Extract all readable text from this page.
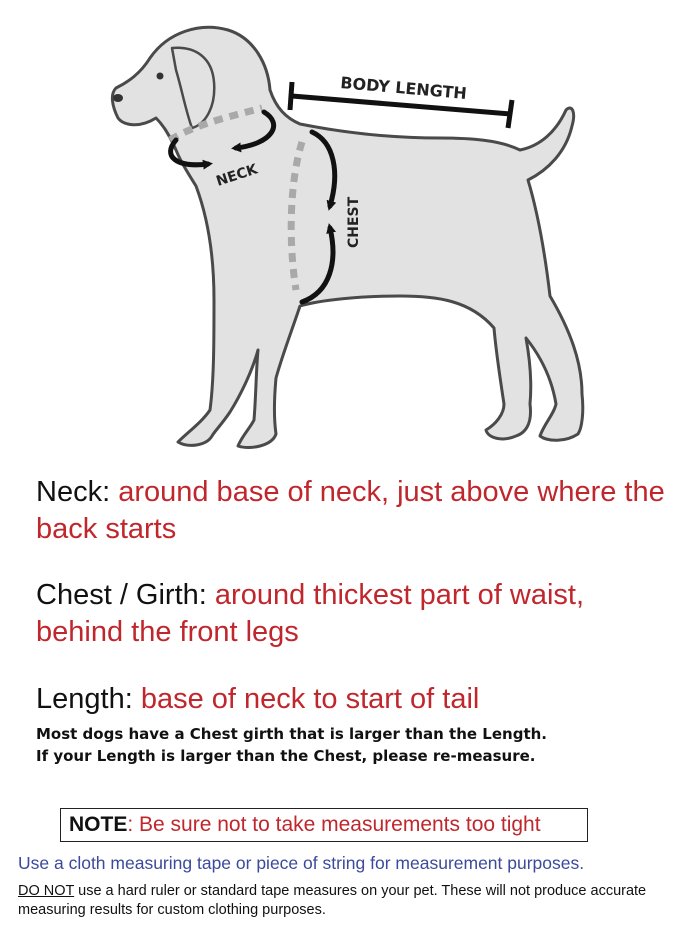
BODY LENGTH
NECK
CHEST
Neck: around base of neck, just above where the back starts
Chest / Girth: around thickest part of waist, behind the front legs
Length: base of neck to start of tail
Most dogs have a Chest girth that is larger than the Length.
If your Length is larger than the Chest, please re-measure.
NOTE: Be sure not to take measurements too tight
Use a cloth measuring tape or piece of string for measurement purposes.
DO NOT use a hard ruler or standard tape measures on your pet. These will not produce accurate measuring results for custom clothing purposes.
